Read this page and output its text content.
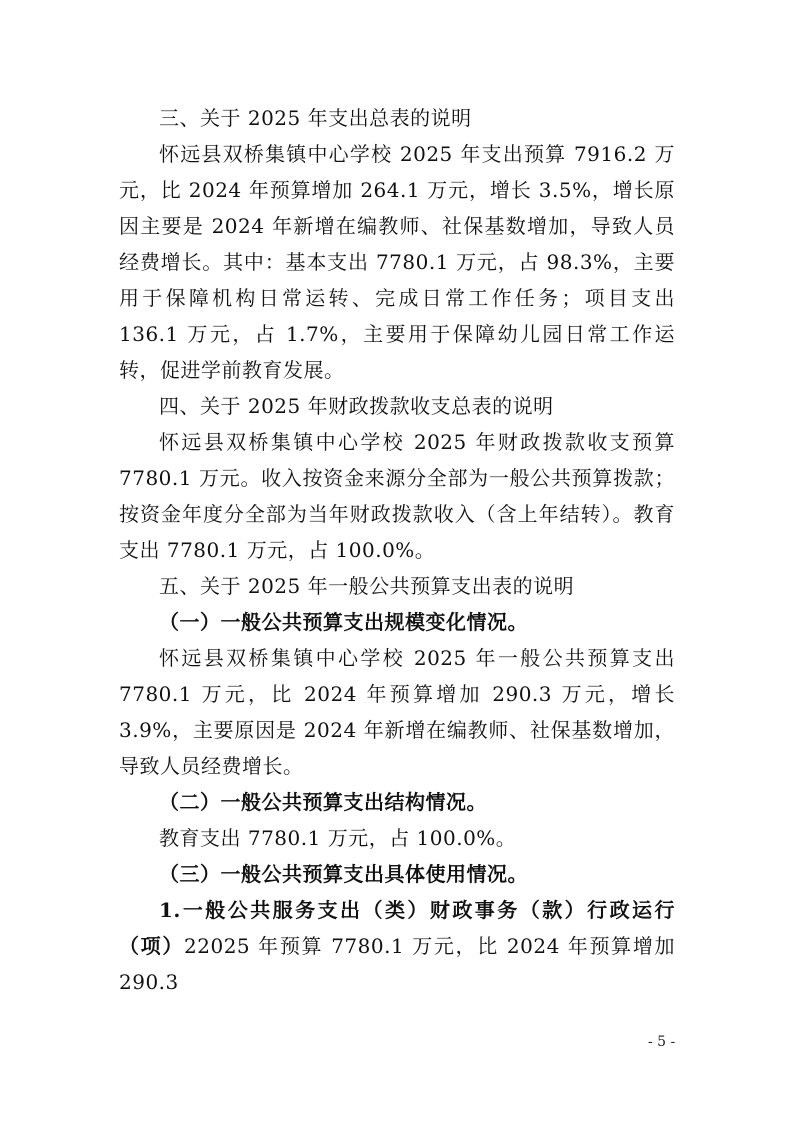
三、关于 2025 年支出总表的说明

怀远县双桥集镇中心学校 2025 年支出预算 7916.2 万元，比 2024 年预算增加 264.1 万元，增长 3.5%，增长原因主要是 2024 年新增在编教师、社保基数增加，导致人员经费增长。其中：基本支出 7780.1 万元，占 98.3%，主要用于保障机构日常运转、完成日常工作任务；项目支出 136.1 万元，占 1.7%，主要用于保障幼儿园日常工作运转，促进学前教育发展。

四、关于 2025 年财政拨款收支总表的说明

怀远县双桥集镇中心学校 2025 年财政拨款收支预算 7780.1 万元。收入按资金来源分全部为一般公共预算拨款；按资金年度分全部为当年财政拨款收入（含上年结转）。教育支出 7780.1 万元，占 100.0%。

五、关于 2025 年一般公共预算支出表的说明

（一）一般公共预算支出规模变化情况。

怀远县双桥集镇中心学校 2025 年一般公共预算支出 7780.1 万元，比 2024 年预算增加 290.3 万元，增长 3.9%，主要原因是 2024 年新增在编教师、社保基数增加，导致人员经费增长。

（二）一般公共预算支出结构情况。

教育支出 7780.1 万元，占 100.0%。

（三）一般公共预算支出具体使用情况。

1.一般公共服务支出（类）财政事务（款）行政运行（项）22025 年预算 7780.1 万元，比 2024 年预算增加 290.3

- 5 -
